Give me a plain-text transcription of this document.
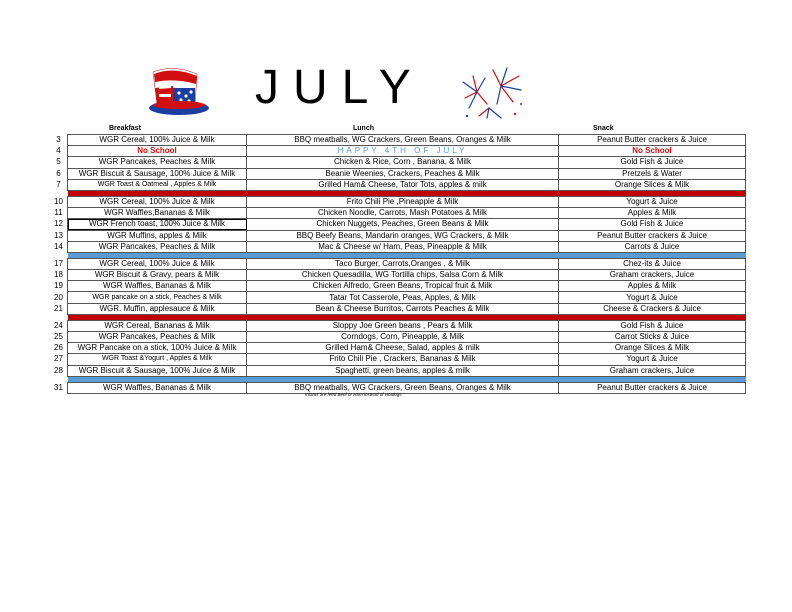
JULY
Breakfast	Lunch	Snack
3	WGR Cereal, 100% Juice & Milk	BBQ meatballs, WG Crackers, Green Beans, Oranges & Milk	Peanut Butter crackers & Juice
4	No School	HAPPY 4TH OF JULY	No School
5	WGR Pancakes, Peaches & Milk	Chicken & Rice, Corn , Banana, & Milk	Gold Fish & Juice
6	WGR Biscuit & Sausage, 100% Juice & Milk	Beanie Weenies, Crackers, Peaches & Milk	Pretzels & Water
7	WGR Toast & Oatmeal , Apples & Milk	Grilled Ham& Cheese, Tator Tots, apples & milk	Orange Slices & Milk

10	WGR Cereal, 100% Juice & Milk	Frito Chili Pie ,Pineapple & Milk	Yogurt & Juice
11	WGR Waffles,Bananas & Milk	Chicken Noodle, Carrots, Mash Potatoes & Milk	Apples & Milk
12	WGR French toast, 100% Juice & Milk	Chicken Nuggets, Peaches, Green Beans & Milk	Gold Fish & Juice
13	WGR Muffins, apples & Milk	BBQ Beefy Beans, Mandarin oranges, WG Crackers, & Milk	Peanut Butter crackers & Juice
14	WGR Pancakes, Peaches & Milk	Mac & Cheese w/ Ham, Peas, Pineapple & Milk	Carrots & Juice

17	WGR Cereal, 100% Juice & Milk	Taco Burger, Carrots,Oranges , & Milk	Chez-its & Juice
18	WGR Biscuit & Gravy, pears & Milk	Chicken Quesadilla, WG Tortilla chips, Salsa Corn & Milk	Graham crackers, Juice
19	WGR Waffles, Bananas & Milk	Chicken Alfredo, Green Beans, Tropical fruit & Milk	Apples & Milk
20	WGR pancake on a stick, Peaches & Milk	Tatar Tot Casserole, Peas, Apples, & Milk	Yogurt & Juice
21	WGR. Muffin, applesauce & Milk	Bean & Cheese Burritos, Carrots Peaches & Milk	Cheese & Crackers & Juice

24	WGR Cereal, Bananas & Milk	Sloppy Joe Green beans , Pears & Milk	Gold Fish & Juice
25	WGR Pancakes, Peaches & Milk	Corndogs, Corn, Pineapple, & Milk	Carrot Sticks & Juice
26	WGR Pancake on a stick, 100% Juice & Milk	Grilled Ham& Cheese, Salad, apples & milk	Orange Slices & Milk
27	WGR Toast &Yogurt , Apples & Milk	Frito Chili Pie , Crackers, Bananas & Milk	Yogurt & Juice
28	WGR Biscuit & Sausage, 100% Juice & Milk	Spaghetti, green beans, apples & milk	Graham crackers, Juice

31	WGR Waffles, Bananas & Milk	BBQ meatballs, WG Crackers, Green Beans, Oranges & Milk	Peanut Butter crackers & Juice
Infants are feed Beef or Ham instead of Hotdogs.
